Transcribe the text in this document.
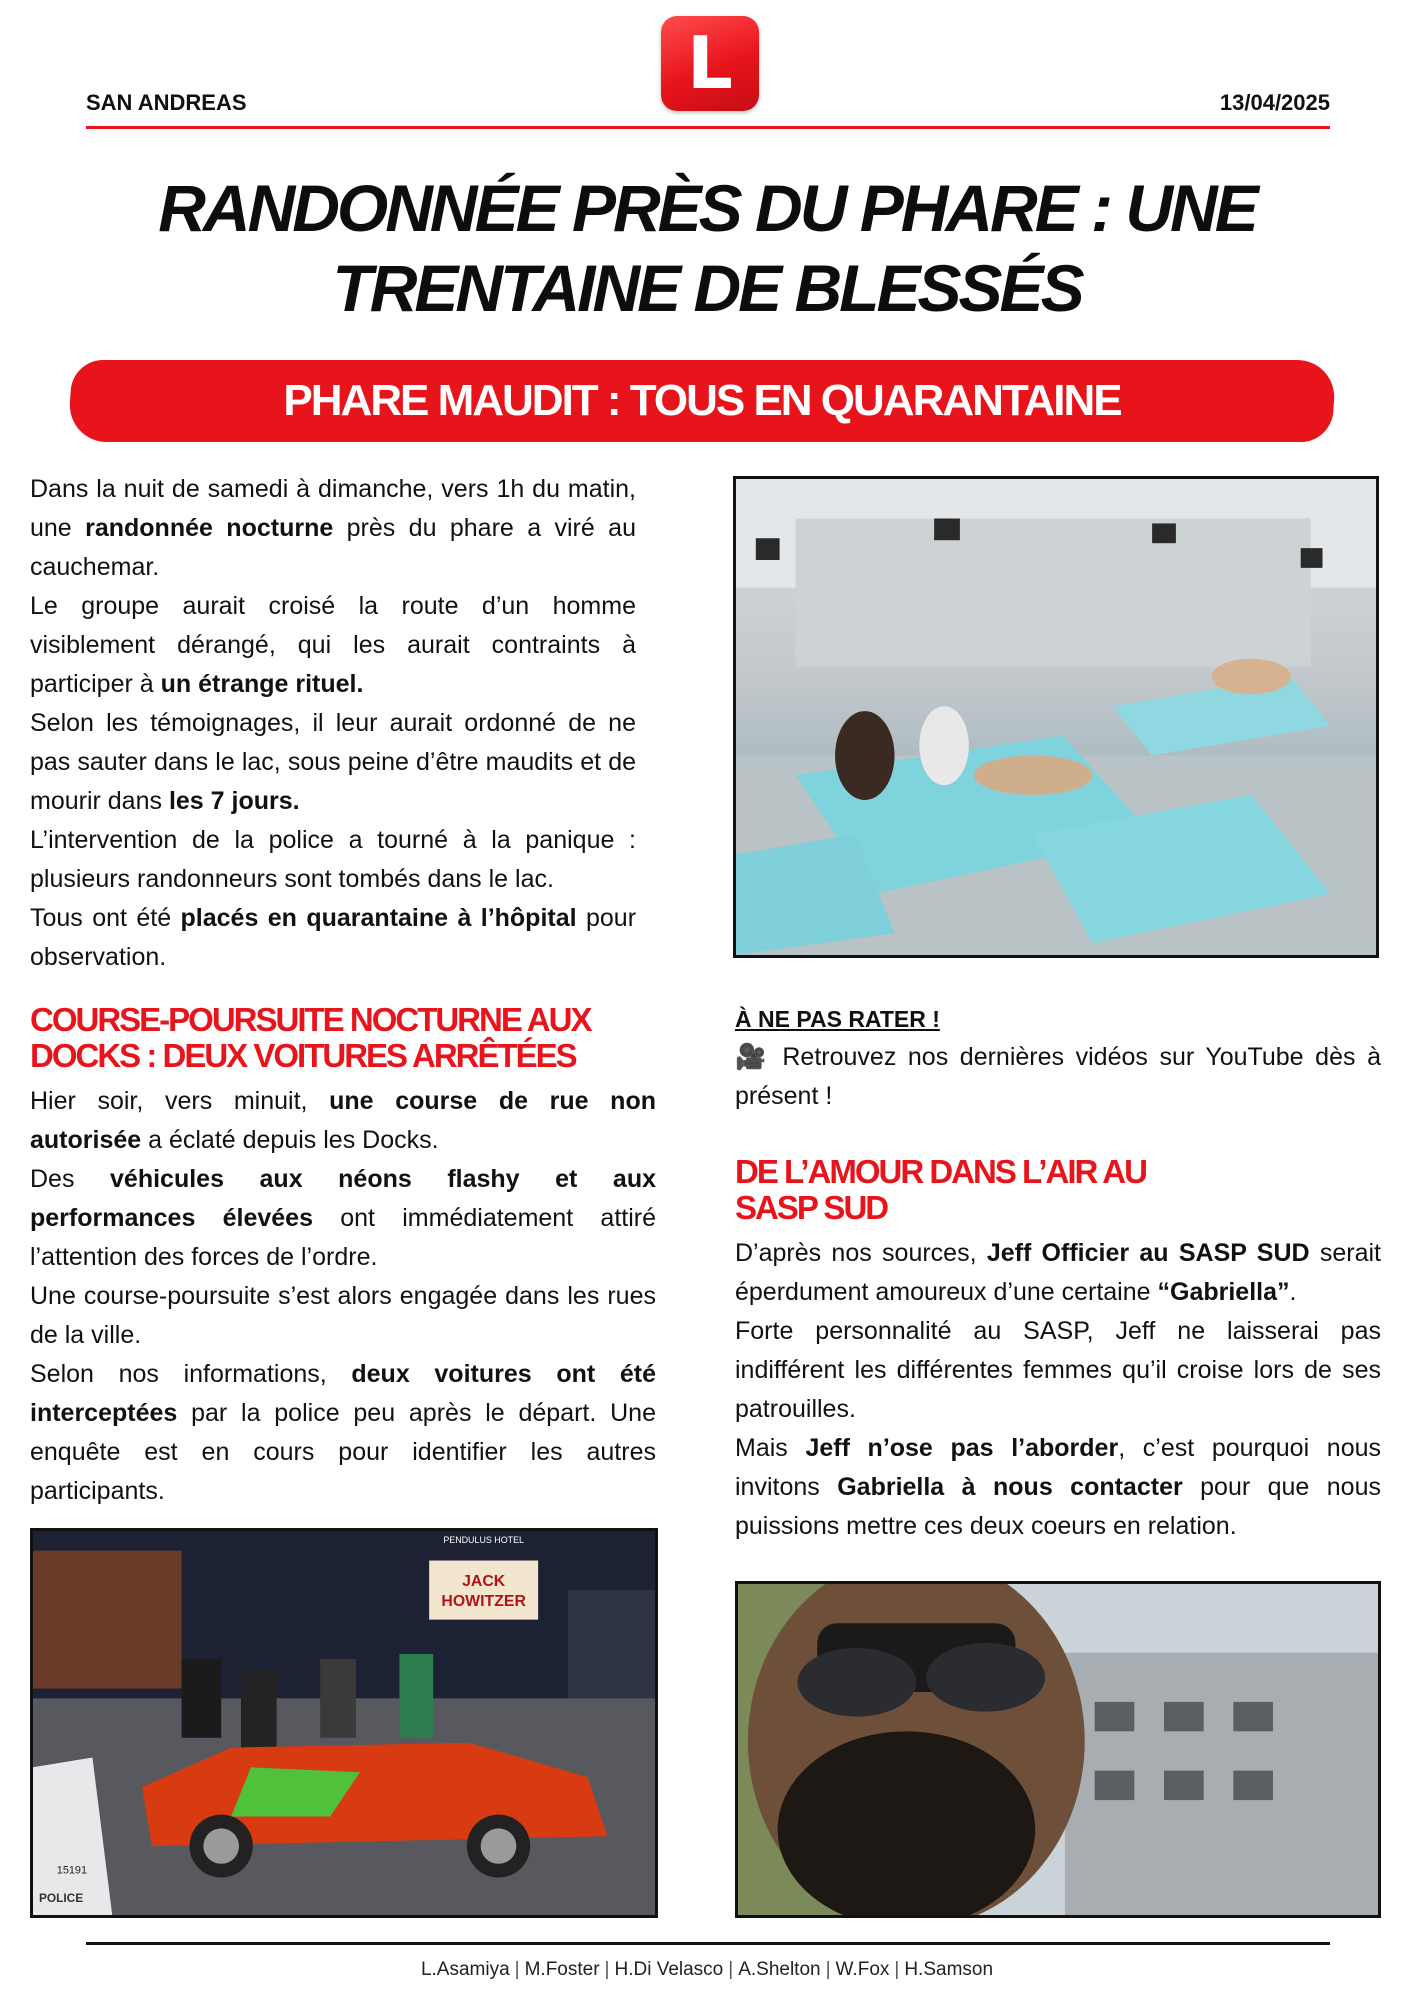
L
SAN ANDREAS	13/04/2025
RANDONNÉE PRÈS DU PHARE : UNE
TRENTAINE DE BLESSÉS
PHARE MAUDIT : TOUS EN QUARANTAINE

Dans la nuit de samedi à dimanche, vers 1h du matin, une randonnée nocturne près du phare a viré au cauchemar.

Le groupe aurait croisé la route d’un homme visiblement dérangé, qui les aurait contraints à participer à un étrange rituel.

Selon les témoignages, il leur aurait ordonné de ne pas sauter dans le lac, sous peine d’être maudits et de mourir dans les 7 jours.

L’intervention de la police a tourné à la panique : plusieurs randonneurs sont tombés dans le lac.

Tous ont été placés en quarantaine à l’hôpital pour observation.

COURSE-POURSUITE NOCTURNE AUX
DOCKS : DEUX VOITURES ARRÊTÉES

Hier soir, vers minuit, une course de rue non autorisée a éclaté depuis les Docks.

Des véhicules aux néons flashy et aux performances élevées ont immédiatement attiré l’attention des forces de l’ordre.

Une course-poursuite s’est alors engagée dans les rues de la ville.

Selon nos informations, deux voitures ont été interceptées par la police peu après le départ. Une enquête est en cours pour identifier les autres participants.

PENDULUS HOTEL
JACK
HOWITZER
15191
POLICE
À NE PAS RATER !

🎥 Retrouvez nos dernières vidéos sur YouTube dès à présent !

DE L’AMOUR DANS L’AIR AU
SASP SUD

D’après nos sources, Jeff Officier au SASP SUD serait éperdument amoureux d’une certaine “Gabriella”.

Forte personnalité au SASP, Jeff ne laisserai pas indifférent les différentes femmes qu’il croise lors de ses patrouilles.

Mais Jeff n’ose pas l’aborder, c’est pourquoi nous invitons Gabriella à nous contacter pour que nous puissions mettre ces deux coeurs en relation.

L.Asamiya | M.Foster | H.Di Velasco | A.Shelton | W.Fox | H.Samson
